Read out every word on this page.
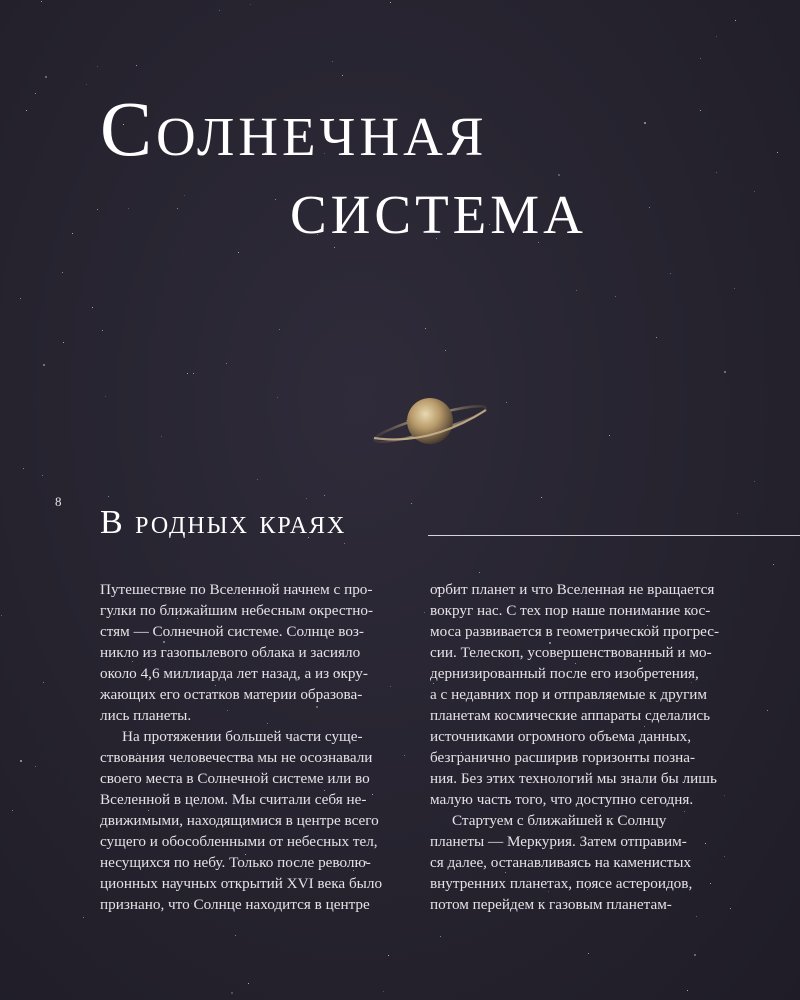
Солнечная
система
8
В родных краях
Путешествие по Вселенной начнем с про-
гулки по ближайшим небесным окрестно-
стям — Солнечной системе. Солнце воз-
никло из газопылевого облака и засияло
около 4,6 миллиарда лет назад, а из окру-
жающих его остатков материи образова-
лись планеты.
На протяжении большей части суще-
ствования человечества мы не осознавали
своего места в Солнечной системе или во
Вселенной в целом. Мы считали себя не-
движимыми, находящимися в центре всего
сущего и обособленными от небесных тел,
несущихся по небу. Только после револю-
ционных научных открытий XVI века было
признано, что Солнце находится в центре
орбит планет и что Вселенная не вращается
вокруг нас. С тех пор наше понимание кос-
моса развивается в геометрической прогрес-
сии. Телескоп, усовершенствованный и мо-
дернизированный после его изобретения,
а с недавних пор и отправляемые к другим
планетам космические аппараты сделались
источниками огромного объема данных,
безгранично расширив горизонты позна-
ния. Без этих технологий мы знали бы лишь
малую часть того, что доступно сегодня.
Стартуем с ближайшей к Солнцу
планеты — Меркурия. Затем отправим-
ся далее, останавливаясь на каменистых
внутренних планетах, поясе астероидов,
потом перейдем к газовым планетам-
